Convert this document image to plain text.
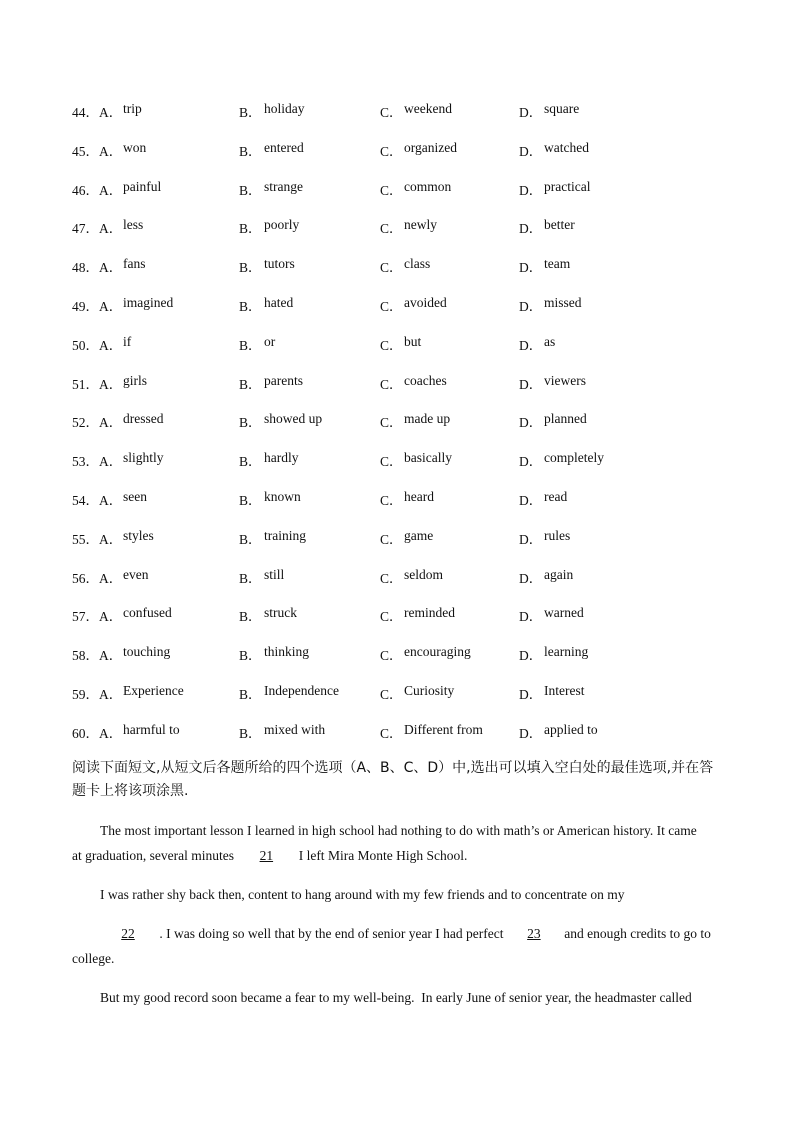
44． A． trip	B． holiday	C． weekend	D． square
45． A． won	B． entered	C． organized	D． watched
46． A． painful	B． strange	C． common	D． practical
47． A． less	B． poorly	C． newly	D． better
48． A． fans	B． tutors	C． class	D． team
49． A． imagined	B． hated	C． avoided	D． missed
50． A． if	B． or	C． but	D． as
51． A． girls	B． parents	C． coaches	D． viewers
52． A． dressed	B． showed up	C． made up	D． planned
53． A． slightly	B． hardly	C． basically	D． completely
54． A． seen	B． known	C． heard	D． read
55． A． styles	B． training	C． game	D． rules
56． A． even	B． still	C． seldom	D． again
57． A． confused	B． struck	C． reminded	D． warned
58． A． touching	B． thinking	C． encouraging	D． learning
59． A． Experience	B． Independence	C． Curiosity	D． Interest
60． A． harmful to	B． mixed with	C． Different from	D． applied to
阅读下面短文,从短文后各题所给的四个选项（A、B、C、D）中,选出可以填入空白处的最佳选项,并在答题卡上将该项涂黑.
The most important lesson I learned in high school had nothing to do with math’s or American history. It came
at graduation, several minutes 21 I left Mira Monte High School.
I was rather shy back then, content to hang around with my few friends and to concentrate on my
22 . I was doing so well that by the end of senior year I had perfect 23 and enough credits to go to
college.
But my good record soon became a fear to my well-being.  In early June of senior year, the headmaster called
